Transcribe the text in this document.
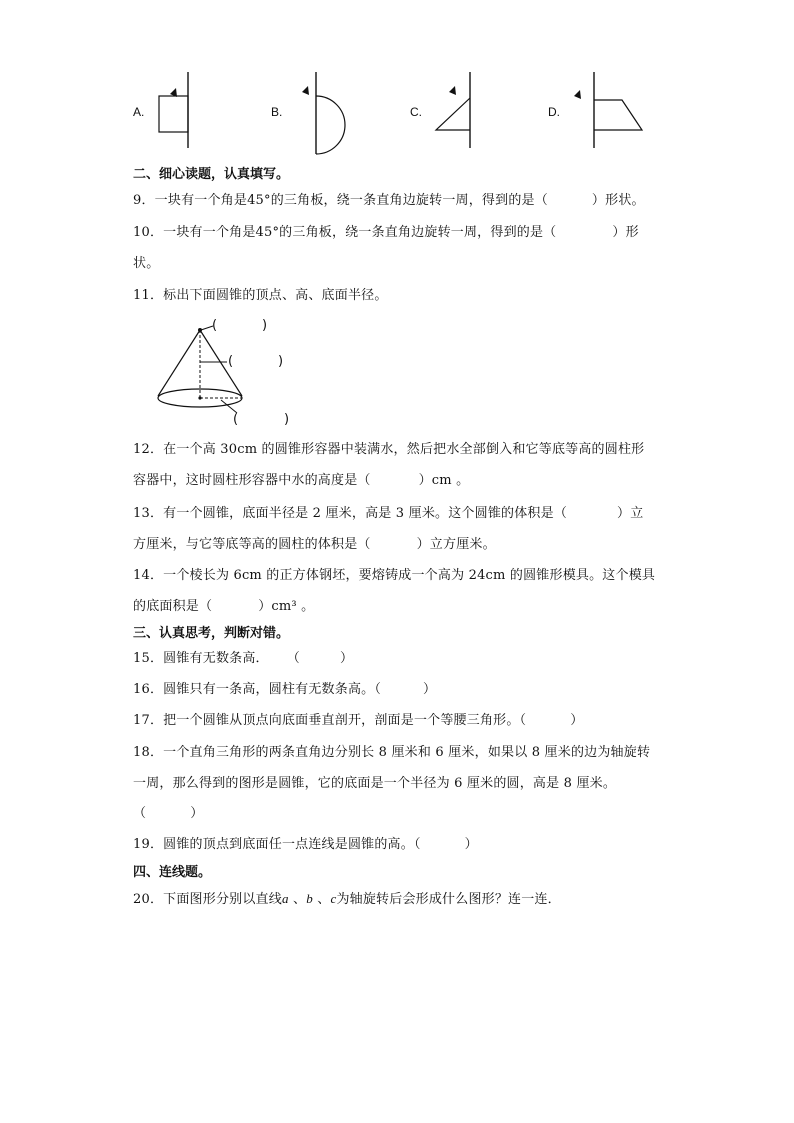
A.	B.	C.	D.
二、细心读题，认真填写。
9．一块有一个角是45°的三角板，绕一条直角边旋转一周，得到的是（	）形状。
10．一块有一个角是45°的三角板，绕一条直角边旋转一周，得到的是（	）形
状。
11．标出下面圆锥的顶点、高、底面半径。
(	)
(	)
(	)
12．在一个高 30cm 的圆锥形容器中装满水，然后把水全部倒入和它等底等高的圆柱形
容器中，这时圆柱形容器中水的高度是（	）cm 。
13．有一个圆锥，底面半径是 2 厘米，高是 3 厘米。这个圆锥的体积是（	）立
方厘米，与它等底等高的圆柱的体积是（	）立方厘米。
14．一个棱长为 6cm 的正方体钢坯，要熔铸成一个高为 24cm 的圆锥形模具。这个模具
的底面积是（	）cm³ 。
三、认真思考，判断对错。
15．圆锥有无数条高． （	）
16．圆锥只有一条高，圆柱有无数条高。（	）
17．把一个圆锥从顶点向底面垂直剖开，剖面是一个等腰三角形。（	）
18．一个直角三角形的两条直角边分别长 8 厘米和 6 厘米，如果以 8 厘米的边为轴旋转
一周，那么得到的图形是圆锥，它的底面是一个半径为 6 厘米的圆，高是 8 厘米。
（	）
19．圆锥的顶点到底面任一点连线是圆锥的高。（	）
四、连线题。
20．下面图形分别以直线a 、b 、c为轴旋转后会形成什么图形？连一连．
